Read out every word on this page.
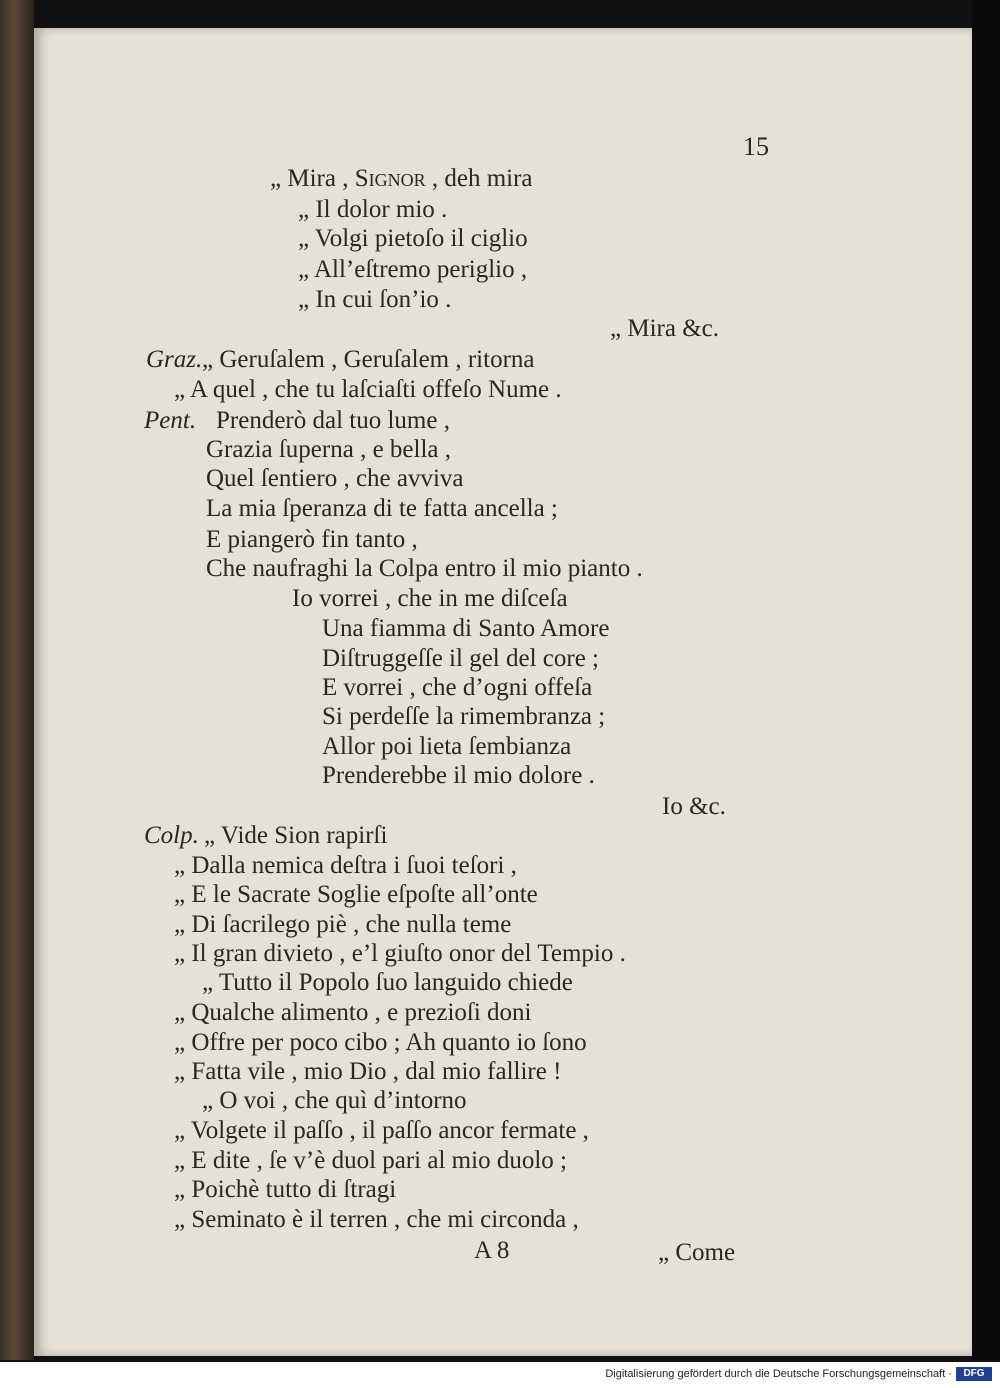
15
„ Mira , Signor , deh mira
„ Il dolor mio .
„ Volgi pietoſo il ciglio
„ All’eſtremo periglio ,
„ In cui ſon’io .
„ Mira &c.
Graz. „ Geruſalem , Geruſalem , ritorna
„ A quel , che tu laſciaſti offeſo Nume .
Pent. Prenderò dal tuo lume ,
Grazia ſuperna , e bella ,
Quel ſentiero , che avviva
La mia ſperanza di te fatta ancella ;
E piangerò fin tanto ,
Che naufraghi la Colpa entro il mio pianto .
Io vorrei , che in me diſceſa
Una fiamma di Santo Amore
Diſtruggeſſe il gel del core ;
E vorrei , che d’ogni offeſa
Si perdeſſe la rimembranza ;
Allor poi lieta ſembianza
Prenderebbe il mio dolore .
Io &c.
Colp. „ Vide Sion rapirſi
„ Dalla nemica deſtra i ſuoi teſori ,
„ E le Sacrate Soglie eſpoſte all’onte
„ Di ſacrilego piè , che nulla teme
„ Il gran divieto , e’l giuſto onor del Tempio .
„ Tutto il Popolo ſuo languido chiede
„ Qualche alimento , e prezioſi doni
„ Offre per poco cibo ; Ah quanto io ſono
„ Fatta vile , mio Dio , dal mio fallire !
„ O voi , che quì d’intorno
„ Volgete il paſſo , il paſſo ancor fermate ,
„ E dite , ſe v’è duol pari al mio duolo ;
„ Poichè tutto di ſtragi
„ Seminato è il terren , che mi circonda ,
A 8	„ Come
Digitalisierung gefördert durch die Deutsche Forschungsgemeinschaft ·	DFG
